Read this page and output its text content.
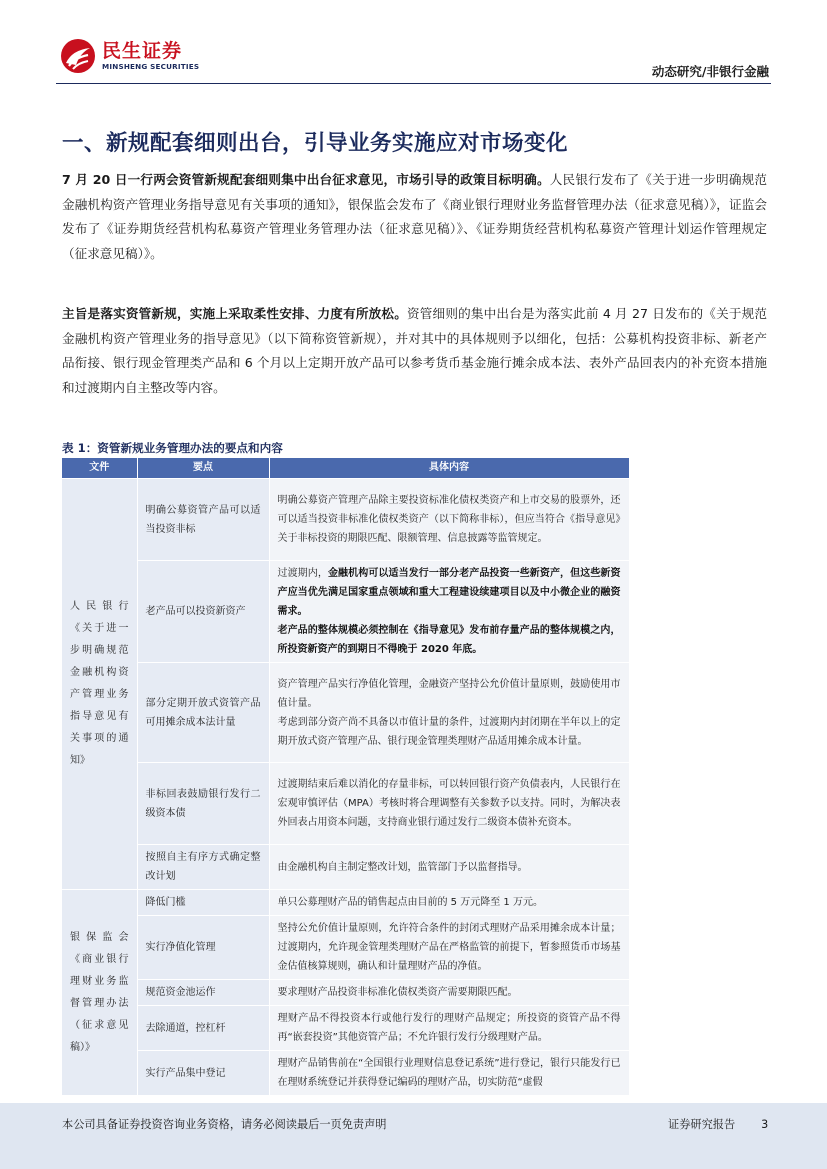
民生证券
MINSHENG SECURITIES	动态研究/非银行金融
一、新规配套细则出台，引导业务实施应对市场变化
7 月 20 日一行两会资管新规配套细则集中出台征求意见，市场引导的政策目标明确。人民银行发布了《关于进一步明确规范金融机构资产管理业务指导意见有关事项的通知》，银保监会发布了《商业银行理财业务监督管理办法（征求意见稿）》，证监会发布了《证券期货经营机构私募资产管理业务管理办法（征求意见稿）》、《证券期货经营机构私募资产管理计划运作管理规定（征求意见稿）》。
主旨是落实资管新规，实施上采取柔性安排、力度有所放松。资管细则的集中出台是为落实此前 4 月 27 日发布的《关于规范金融机构资产管理业务的指导意见》（以下简称资管新规），并对其中的具体规则予以细化，包括：公募机构投资非标、新老产品衔接、银行现金管理类产品和 6 个月以上定期开放产品可以参考货币基金施行摊余成本法、表外产品回表内的补充资本措施和过渡期内自主整改等内容。
表 1：资管新规业务管理办法的要点和内容
文件	要点	具体内容
人民银行《关于进一步明确规范金融机构资产管理业务指导意见有关事项的通知》	明确公募资管产品可以适当投资非标	明确公募资产管理产品除主要投资标准化债权类资产和上市交易的股票外，还可以适当投资非标准化债权类资产（以下简称非标），但应当符合《指导意见》关于非标投资的期限匹配、限额管理、信息披露等监管规定。
	老产品可以投资新资产	过渡期内，金融机构可以适当发行一部分老产品投资一些新资产，但这些新资产应当优先满足国家重点领域和重大工程建设续建项目以及中小微企业的融资需求。
老产品的整体规模必须控制在《指导意见》发布前存量产品的整体规模之内，所投资新资产的到期日不得晚于 2020 年底。
	部分定期开放式资管产品可用摊余成本法计量	资产管理产品实行净值化管理，金融资产坚持公允价值计量原则，鼓励使用市值计量。
考虑到部分资产尚不具备以市值计量的条件，过渡期内封闭期在半年以上的定期开放式资产管理产品、银行现金管理类理财产品适用摊余成本计量。
	非标回表鼓励银行发行二级资本债	过渡期结束后难以消化的存量非标，可以转回银行资产负债表内，人民银行在宏观审慎评估（MPA）考核时将合理调整有关参数予以支持。同时，为解决表外回表占用资本问题，支持商业银行通过发行二级资本债补充资本。
	按照自主有序方式确定整改计划	由金融机构自主制定整改计划，监管部门予以监督指导。
银保监会《商业银行理财业务监督管理办法（征求意见稿）》	降低门槛	单只公募理财产品的销售起点由目前的 5 万元降至 1 万元。
	实行净值化管理	坚持公允价值计量原则，允许符合条件的封闭式理财产品采用摊余成本计量；过渡期内，允许现金管理类理财产品在严格监管的前提下，暂参照货币市场基金估值核算规则，确认和计量理财产品的净值。
	规范资金池运作	要求理财产品投资非标准化债权类资产需要期限匹配。
	去除通道，控杠杆	理财产品不得投资本行或他行发行的理财产品规定；所投资的资管产品不得再“嵌套投资”其他资管产品；不允许银行发行分级理财产品。
	实行产品集中登记	理财产品销售前在“全国银行业理财信息登记系统”进行登记，银行只能发行已在理财系统登记并获得登记编码的理财产品，切实防范“虚假
本公司具备证券投资咨询业务资格，请务必阅读最后一页免责声明	证券研究报告 3
